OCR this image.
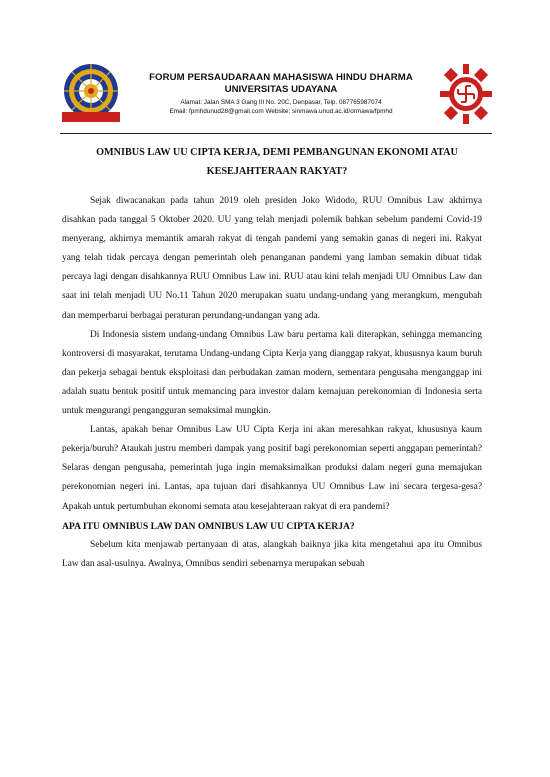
FORUM PERSAUDARAAN MAHASISWA HINDU DHARMA
UNIVERSITAS UDAYANA
Alamat: Jalan SMA 3 Gang III No. 20C, Denpasar, Telp. 087765987074
Email: fpmhdunud28@gmail.com Website: sinmawa.unud.ac.id/ormawa/fpmhd
OMNIBUS LAW UU CIPTA KERJA, DEMI PEMBANGUNAN EKONOMI ATAU
KESEJAHTERAAN RAKYAT?

Sejak diwacanakan pada tahun 2019 oleh presiden Joko Widodo, RUU Omnibus Law akhirnya disahkan pada tanggal 5 Oktober 2020. UU yang telah menjadi polemik bahkan sebelum pandemi Covid-19 menyerang, akhirnya memantik amarah rakyat di tengah pandemi yang semakin ganas di negeri ini. Rakyat yang telah tidak percaya dengan pemerintah oleh penanganan pandemi yang lamban semakin dibuat tidak percaya lagi dengan disahkannya RUU Omnibus Law ini. RUU atau kini telah menjadi UU Omnibus Law dan saat ini telah menjadi UU No.11 Tahun 2020 merupakan suatu undang-undang yang merangkum, mengubah dan memperbarui berbagai peraturan perundang-undangan yang ada.

Di Indonesia sistem undang-undang Omnibus Law baru pertama kali diterapkan, sehingga memancing kontroversi di masyarakat, terutama Undang-undang Cipta Kerja yang dianggap rakyat, khususnya kaum buruh dan pekerja sebagai bentuk eksploitasi dan perbudakan zaman modern, sementara pengusaha menganggap ini adalah suatu bentuk positif untuk memancing para investor dalam kemajuan perekonomian di Indonesia serta untuk mengurangi pengangguran semaksimal mungkin.

Lantas, apakah benar Omnibus Law UU Cipta Kerja ini akan meresahkan rakyat, khususnya kaum pekerja/buruh? Ataukah justru memberi dampak yang positif bagi perekonomian seperti anggapan pemerintah? Selaras dengan pengusaha, pemerintah juga ingin memaksimalkan produksi dalam negeri guna memajukan perekonomian negeri ini. Lantas, apa tujuan dari disahkannya UU Omnibus Law ini secara tergesa-gesa? Apakah untuk pertumbuhan ekonomi semata atau kesejahteraan rakyat di era pandemi?

APA ITU OMNIBUS LAW DAN OMNIBUS LAW UU CIPTA KERJA?

Sebelum kita menjawab pertanyaan di atas, alangkah baiknya jika kita mengetahui apa itu Omnibus Law dan asal-usulnya. Awalnya, Omnibus sendiri sebenarnya merupakan sebuah
